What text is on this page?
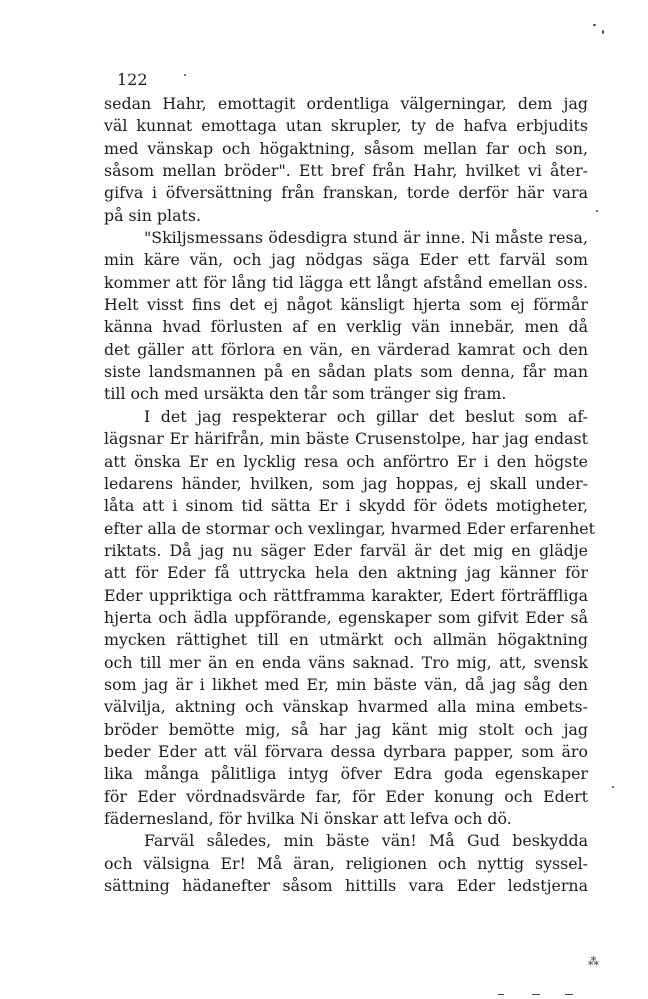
122
sedan Hahr, emottagit ordentliga välgerningar, dem jag
väl kunnat emottaga utan skrupler, ty de hafva erbjudits
med vänskap och högaktning, såsom mellan far och son,
såsom mellan bröder". Ett bref från Hahr, hvilket vi åter-
gifva i öfversättning från franskan, torde derför här vara
på sin plats.
"Skiljsmessans ödesdigra stund är inne. Ni måste resa,
min käre vän, och jag nödgas säga Eder ett farväl som
kommer att för lång tid lägga ett långt afstånd emellan oss.
Helt visst fins det ej något känsligt hjerta som ej förmår
känna hvad förlusten af en verklig vän innebär, men då
det gäller att förlora en vän, en värderad kamrat och den
siste landsmannen på en sådan plats som denna, får man
till och med ursäkta den tår som tränger sig fram.
I det jag respekterar och gillar det beslut som af-
lägsnar Er härifrån, min bäste Crusenstolpe, har jag endast
att önska Er en lycklig resa och anförtro Er i den högste
ledarens händer, hvilken, som jag hoppas, ej skall under-
låta att i sinom tid sätta Er i skydd för ödets motigheter,
efter alla de stormar och vexlingar, hvarmed Eder erfarenhet
riktats. Då jag nu säger Eder farväl är det mig en glädje
att för Eder få uttrycka hela den aktning jag känner för
Eder uppriktiga och rättframma karakter, Edert förträffliga
hjerta och ädla uppförande, egenskaper som gifvit Eder så
mycken rättighet till en utmärkt och allmän högaktning
och till mer än en enda väns saknad. Tro mig, att, svensk
som jag är i likhet med Er, min bäste vän, då jag såg den
välvilja, aktning och vänskap hvarmed alla mina embets-
bröder bemötte mig, så har jag känt mig stolt och jag
beder Eder att väl förvara dessa dyrbara papper, som äro
lika många pålitliga intyg öfver Edra goda egenskaper
för Eder vördnadsvärde far, för Eder konung och Edert
fädernesland, för hvilka Ni önskar att lefva och dö.
Farväl således, min bäste vän! Må Gud beskydda
och välsigna Er! Må äran, religionen och nyttig syssel-
sättning hädanefter såsom hittills vara Eder ledstjerna
⁂
